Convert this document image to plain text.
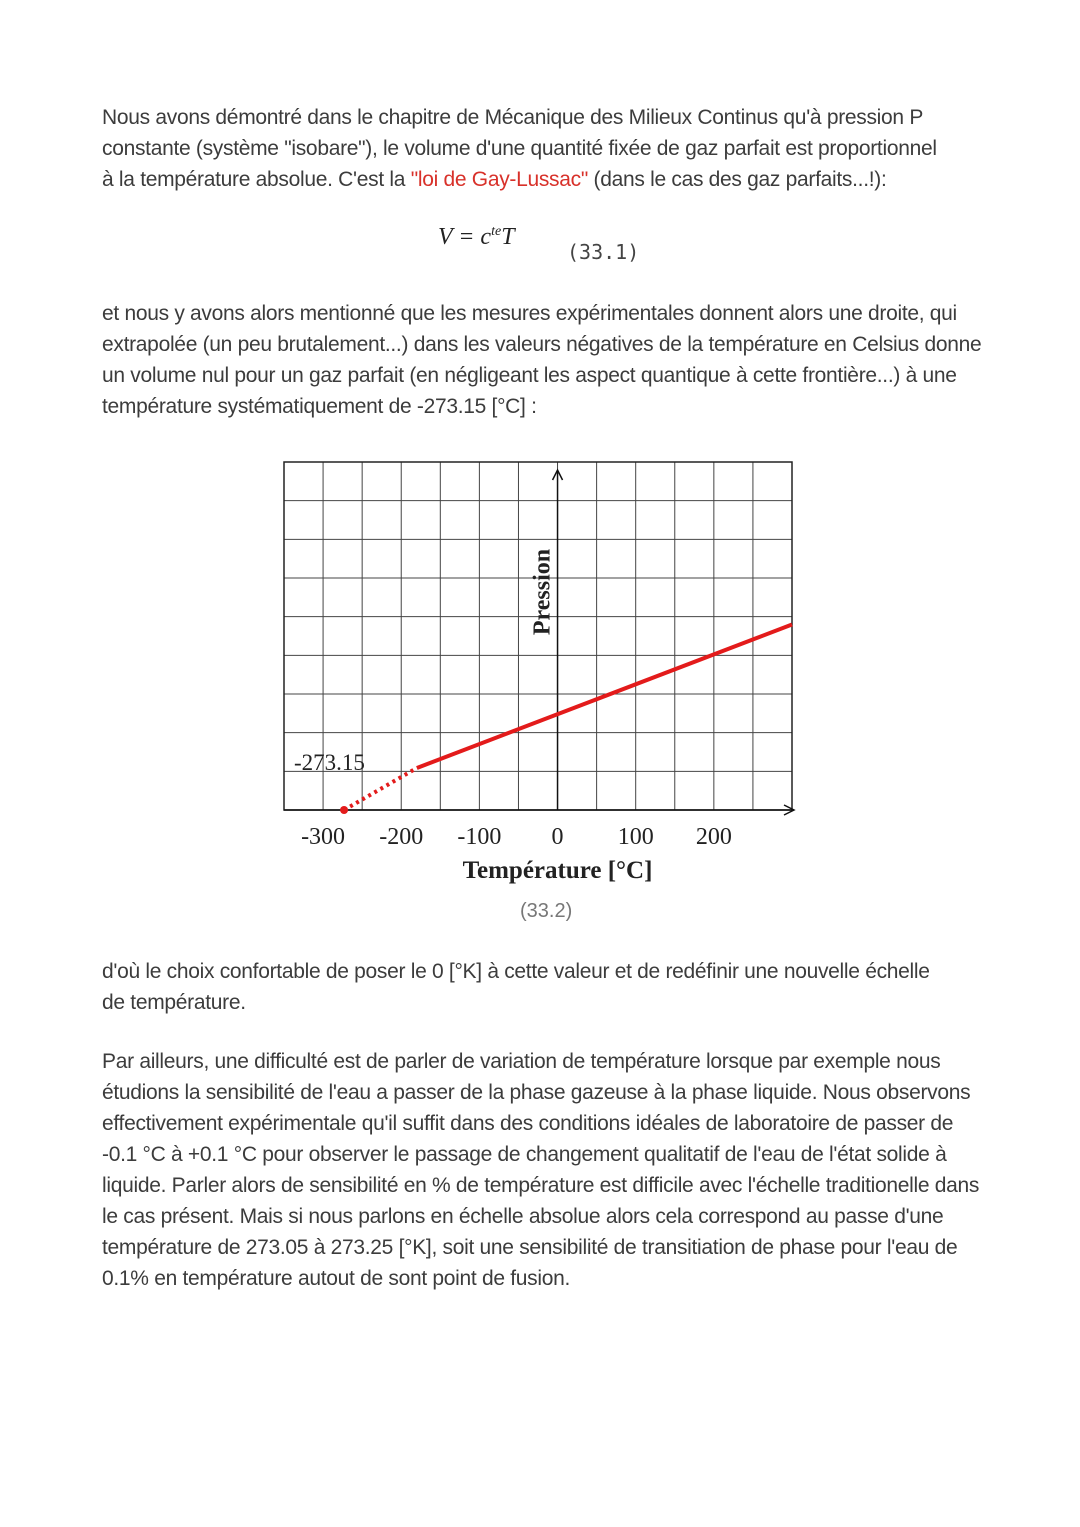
Nous avons démontré dans le chapitre de Mécanique des Milieux Continus qu'à pression P constante (système "isobare"), le volume d'une quantité fixée de gaz parfait est proportionnel à la température absolue. C'est la "loi de Gay-Lussac" (dans le cas des gaz parfaits...!):

$V = c^{te}T$
(33.1)

et nous y avons alors mentionné que les mesures expérimentales donnent alors une droite, qui extrapolée (un peu brutalement...) dans les valeurs négatives de la température en Celsius donne un volume nul pour un gaz parfait (en négligeant les aspect quantique à cette frontière...) à une température systématiquement de -273.15 [°C] :

-300 -200 -100 0 100 200
Température [°C]
Pression
-273.15
(33.2)

d'où le choix confortable de poser le 0 [°K] à cette valeur et de redéfinir une nouvelle échelle de température.

Par ailleurs, une difficulté est de parler de variation de température lorsque par exemple nous étudions la sensibilité de l'eau a passer de la phase gazeuse à la phase liquide. Nous observons effectivement expérimentale qu'il suffit dans des conditions idéales de laboratoire de passer de -0.1 °C à +0.1 °C pour observer le passage de changement qualitatif de l'eau de l'état solide à liquide. Parler alors de sensibilité en % de température est difficile avec l'échelle traditionelle dans le cas présent. Mais si nous parlons en échelle absolue alors cela correspond au passe d'une température de 273.05 à 273.25 [°K], soit une sensibilité de transitiation de phase pour l'eau de 0.1% en température autout de sont point de fusion.
